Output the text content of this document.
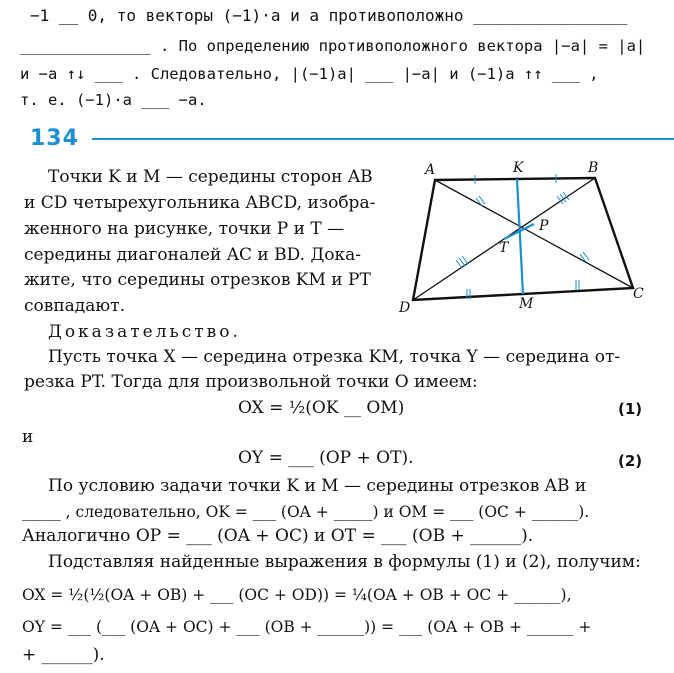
−1 __ 0, то векторы (−1)·a и a противоположно ________________
______________ . По определению противоположного вектора |−a| = |a|
и −a ↑↓ ___ . Следовательно, |(−1)a| ___ |−a| и (−1)a ↑↑ ___ ,
т. е. (−1)·a ___ −a.
134
Точки K и M — середины сторон AB
и CD четырехугольника ABCD, изобра-
женного на рисунке, точки P и T —
середины диагоналей AC и BD. Дока-
жите, что середины отрезков KM и PT
совпадают.
A	K	B
P
T
D	M
C
Доказательство.
Пусть точка X — середина отрезка KM, точка Y — середина от-
резка PT. Тогда для произвольной точки O имеем:
OX = ½(OK __ OM)	(1)
и
OY = ___ (OP + OT).	(2)
По условию задачи точки K и M — середины отрезков AB и
_____ , следовательно, OK = ___ (OA + _____) и OM = ___ (OC + ______).
Аналогично OP = ___ (OA + OC) и OT = ___ (OB + ______).
Подставляя найденные выражения в формулы (1) и (2), получим:
OX = ½(½(OA + OB) + ___ (OC + OD)) = ¼(OA + OB + OC + ______),
OY = ___ (___ (OA + OC) + ___ (OB + ______)) = ___ (OA + OB + ______ +
+ ______).
